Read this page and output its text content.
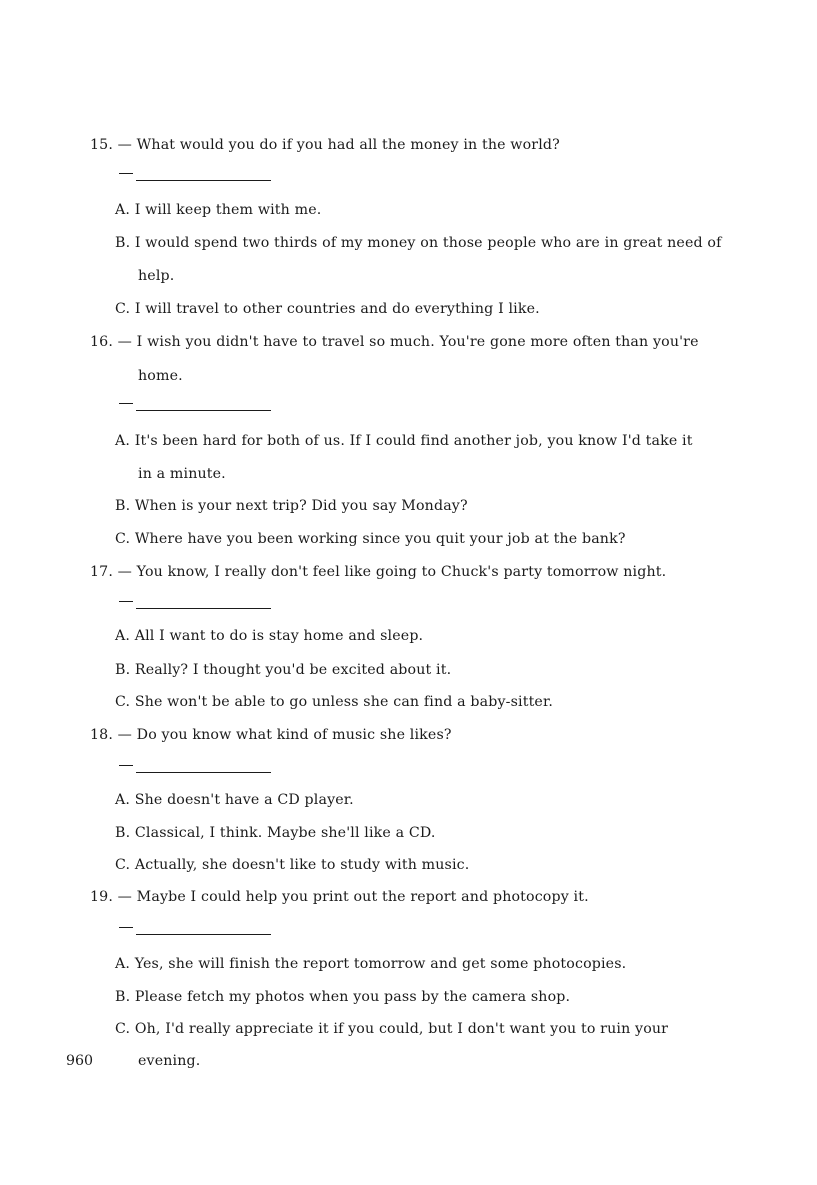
15. — What would you do if you had all the money in the world?
A. I will keep them with me.
B. I would spend two thirds of my money on those people who are in great need of
help.
C. I will travel to other countries and do everything I like.
16. — I wish you didn't have to travel so much. You're gone more often than you're
home.
A. It's been hard for both of us. If I could find another job, you know I'd take it
in a minute.
B. When is your next trip? Did you say Monday?
C. Where have you been working since you quit your job at the bank?
17. — You know, I really don't feel like going to Chuck's party tomorrow night.
A. All I want to do is stay home and sleep.
B. Really? I thought you'd be excited about it.
C. She won't be able to go unless she can find a baby-sitter.
18. — Do you know what kind of music she likes?
A. She doesn't have a CD player.
B. Classical, I think. Maybe she'll like a CD.
C. Actually, she doesn't like to study with music.
19. — Maybe I could help you print out the report and photocopy it.
A. Yes, she will finish the report tomorrow and get some photocopies.
B. Please fetch my photos when you pass by the camera shop.
C. Oh, I'd really appreciate it if you could, but I don't want you to ruin your
evening.
960
